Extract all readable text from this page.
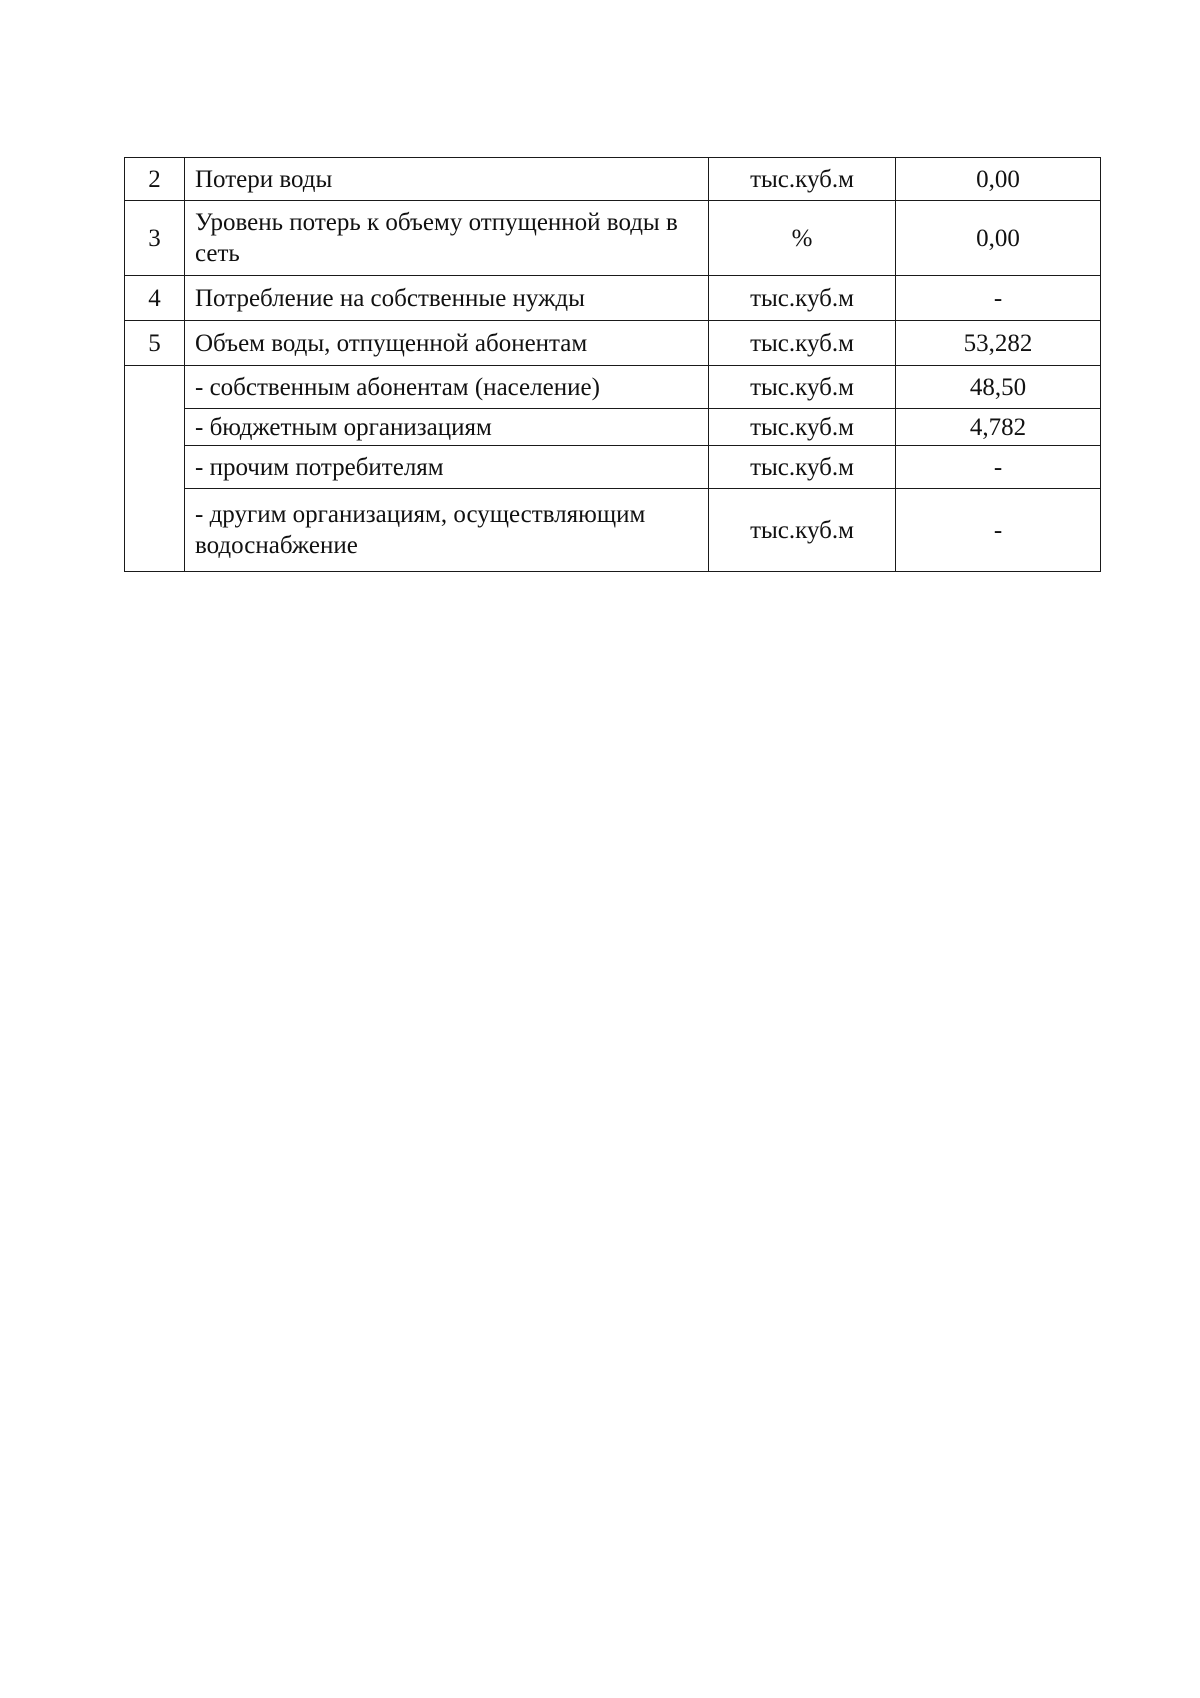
2	Потери воды	тыс.куб.м	0,00
3	Уровень потерь к объему отпущенной воды в сеть	%	0,00
4	Потребление на собственные нужды	тыс.куб.м	-
5	Объем воды, отпущенной абонентам	тыс.куб.м	53,282
	- собственным абонентам (население)	тыс.куб.м	48,50
	- бюджетным организациям	тыс.куб.м	4,782
	- прочим потребителям	тыс.куб.м	-
	- другим организациям, осуществляющим водоснабжение	тыс.куб.м	-
